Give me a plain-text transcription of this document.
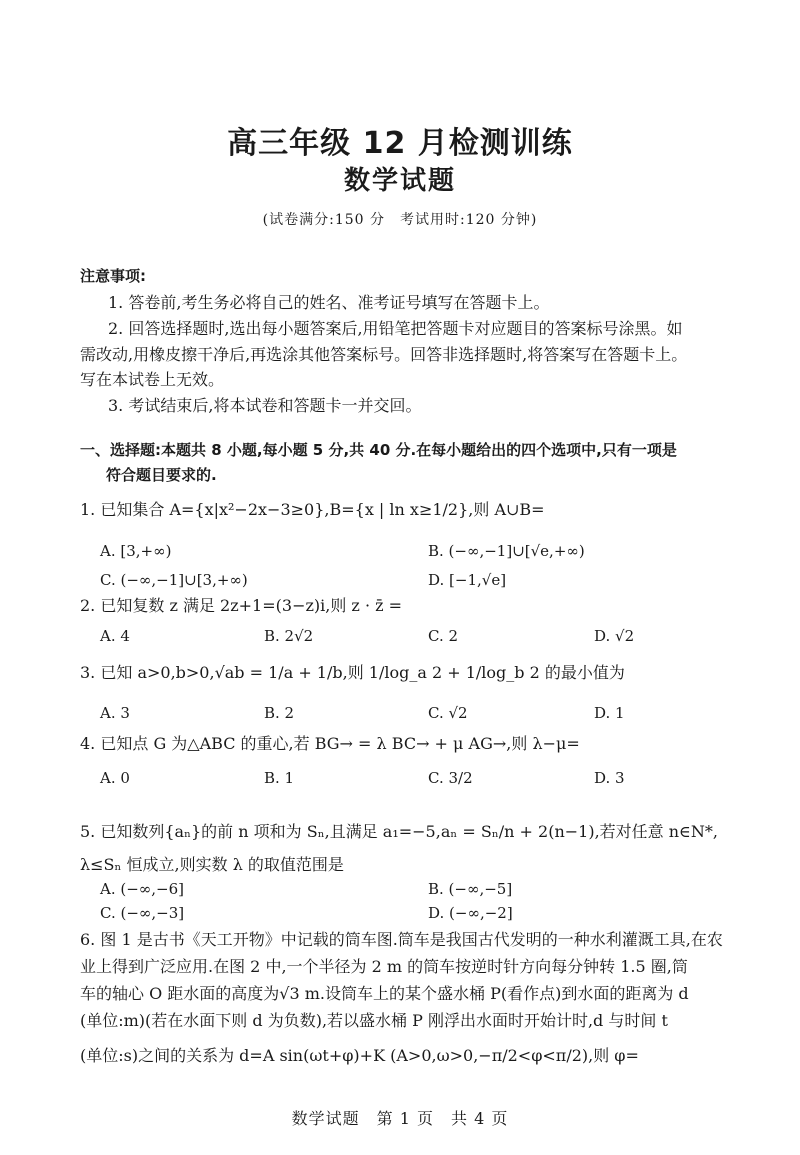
高三年级 12 月检测训练
数学试题
(试卷满分:150 分　考试用时:120 分钟)
注意事项:
1. 答卷前,考生务必将自己的姓名、准考证号填写在答题卡上。
2. 回答选择题时,选出每小题答案后,用铅笔把答题卡对应题目的答案标号涂黑。如
需改动,用橡皮擦干净后,再选涂其他答案标号。回答非选择题时,将答案写在答题卡上。
写在本试卷上无效。
3. 考试结束后,将本试卷和答题卡一并交回。
一、选择题:本题共 8 小题,每小题 5 分,共 40 分.在每小题给出的四个选项中,只有一项是
符合题目要求的.
1. 已知集合 A={x|x²−2x−3≥0},B={x | ln x≥1/2},则 A∪B=
A. [3,+∞)	B. (−∞,−1]∪[√e,+∞)
C. (−∞,−1]∪[3,+∞)	D. [−1,√e]
2. 已知复数 z 满足 2z+1=(3−z)i,则 z · z̄ =
A. 4	B. 2√2	C. 2	D. √2
3. 已知 a>0,b>0,√ab = 1/a + 1/b,则 1/log_a 2 + 1/log_b 2 的最小值为
A. 3	B. 2	C. √2	D. 1
4. 已知点 G 为△ABC 的重心,若 BG→ = λ BC→ + μ AG→,则 λ−μ=
A. 0	B. 1	C. 3/2	D. 3
5. 已知数列{aₙ}的前 n 项和为 Sₙ,且满足 a₁=−5,aₙ = Sₙ/n + 2(n−1),若对任意 n∈N*,
λ≤Sₙ 恒成立,则实数 λ 的取值范围是
A. (−∞,−6]	B. (−∞,−5]
C. (−∞,−3]	D. (−∞,−2]
6. 图 1 是古书《天工开物》中记载的筒车图.筒车是我国古代发明的一种水利灌溉工具,在农
业上得到广泛应用.在图 2 中,一个半径为 2 m 的筒车按逆时针方向每分钟转 1.5 圈,筒
车的轴心 O 距水面的高度为√3 m.设筒车上的某个盛水桶 P(看作点)到水面的距离为 d
(单位:m)(若在水面下则 d 为负数),若以盛水桶 P 刚浮出水面时开始计时,d 与时间 t
(单位:s)之间的关系为 d=A sin(ωt+φ)+K (A>0,ω>0,−π/2<φ<π/2),则 φ=
数学试题　第 1 页　共 4 页
